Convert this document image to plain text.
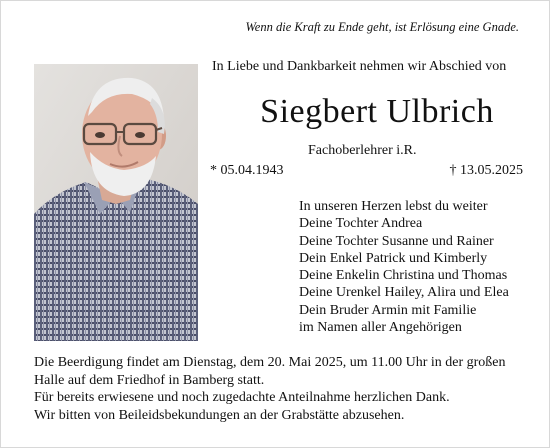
Wenn die Kraft zu Ende geht, ist Erlösung eine Gnade.
In Liebe und Dankbarkeit nehmen wir Abschied von
Siegbert Ulbrich
Fachoberlehrer i.R.
* 05.04.1943	† 13.05.2025
In unseren Herzen lebst du weiter
Deine Tochter Andrea
Deine Tochter Susanne und Rainer
Dein Enkel Patrick und Kimberly
Deine Enkelin Christina und Thomas
Deine Urenkel Hailey, Alira und Elea
Dein Bruder Armin mit Familie
im Namen aller Angehörigen
Die Beerdigung findet am Dienstag, dem 20. Mai 2025, um 11.00 Uhr in der großen
Halle auf dem Friedhof in Bamberg statt.
Für bereits erwiesene und noch zugedachte Anteilnahme herzlichen Dank.
Wir bitten von Beileidsbekundungen an der Grabstätte abzusehen.
